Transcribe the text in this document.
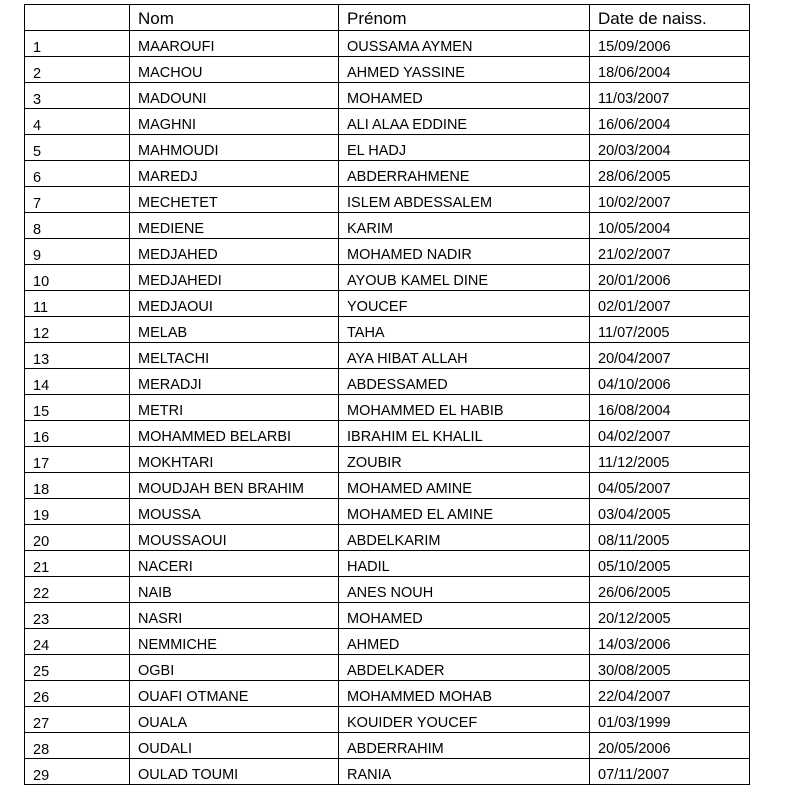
	Nom	Prénom	Date de naiss.
1	MAAROUFI	OUSSAMA AYMEN	15/09/2006
2	MACHOU	AHMED YASSINE	18/06/2004
3	MADOUNI	MOHAMED	11/03/2007
4	MAGHNI	ALI ALAA EDDINE	16/06/2004
5	MAHMOUDI	EL HADJ	20/03/2004
6	MAREDJ	ABDERRAHMENE	28/06/2005
7	MECHETET	ISLEM ABDESSALEM	10/02/2007
8	MEDIENE	KARIM	10/05/2004
9	MEDJAHED	MOHAMED NADIR	21/02/2007
10	MEDJAHEDI	AYOUB KAMEL DINE	20/01/2006
11	MEDJAOUI	YOUCEF	02/01/2007
12	MELAB	TAHA	11/07/2005
13	MELTACHI	AYA HIBAT ALLAH	20/04/2007
14	MERADJI	ABDESSAMED	04/10/2006
15	METRI	MOHAMMED EL HABIB	16/08/2004
16	MOHAMMED BELARBI	IBRAHIM EL KHALIL	04/02/2007
17	MOKHTARI	ZOUBIR	11/12/2005
18	MOUDJAH BEN BRAHIM	MOHAMED AMINE	04/05/2007
19	MOUSSA	MOHAMED EL AMINE	03/04/2005
20	MOUSSAOUI	ABDELKARIM	08/11/2005
21	NACERI	HADIL	05/10/2005
22	NAIB	ANES NOUH	26/06/2005
23	NASRI	MOHAMED	20/12/2005
24	NEMMICHE	AHMED	14/03/2006
25	OGBI	ABDELKADER	30/08/2005
26	OUAFI OTMANE	MOHAMMED MOHAB	22/04/2007
27	OUALA	KOUIDER YOUCEF	01/03/1999
28	OUDALI	ABDERRAHIM	20/05/2006
29	OULAD TOUMI	RANIA	07/11/2007
